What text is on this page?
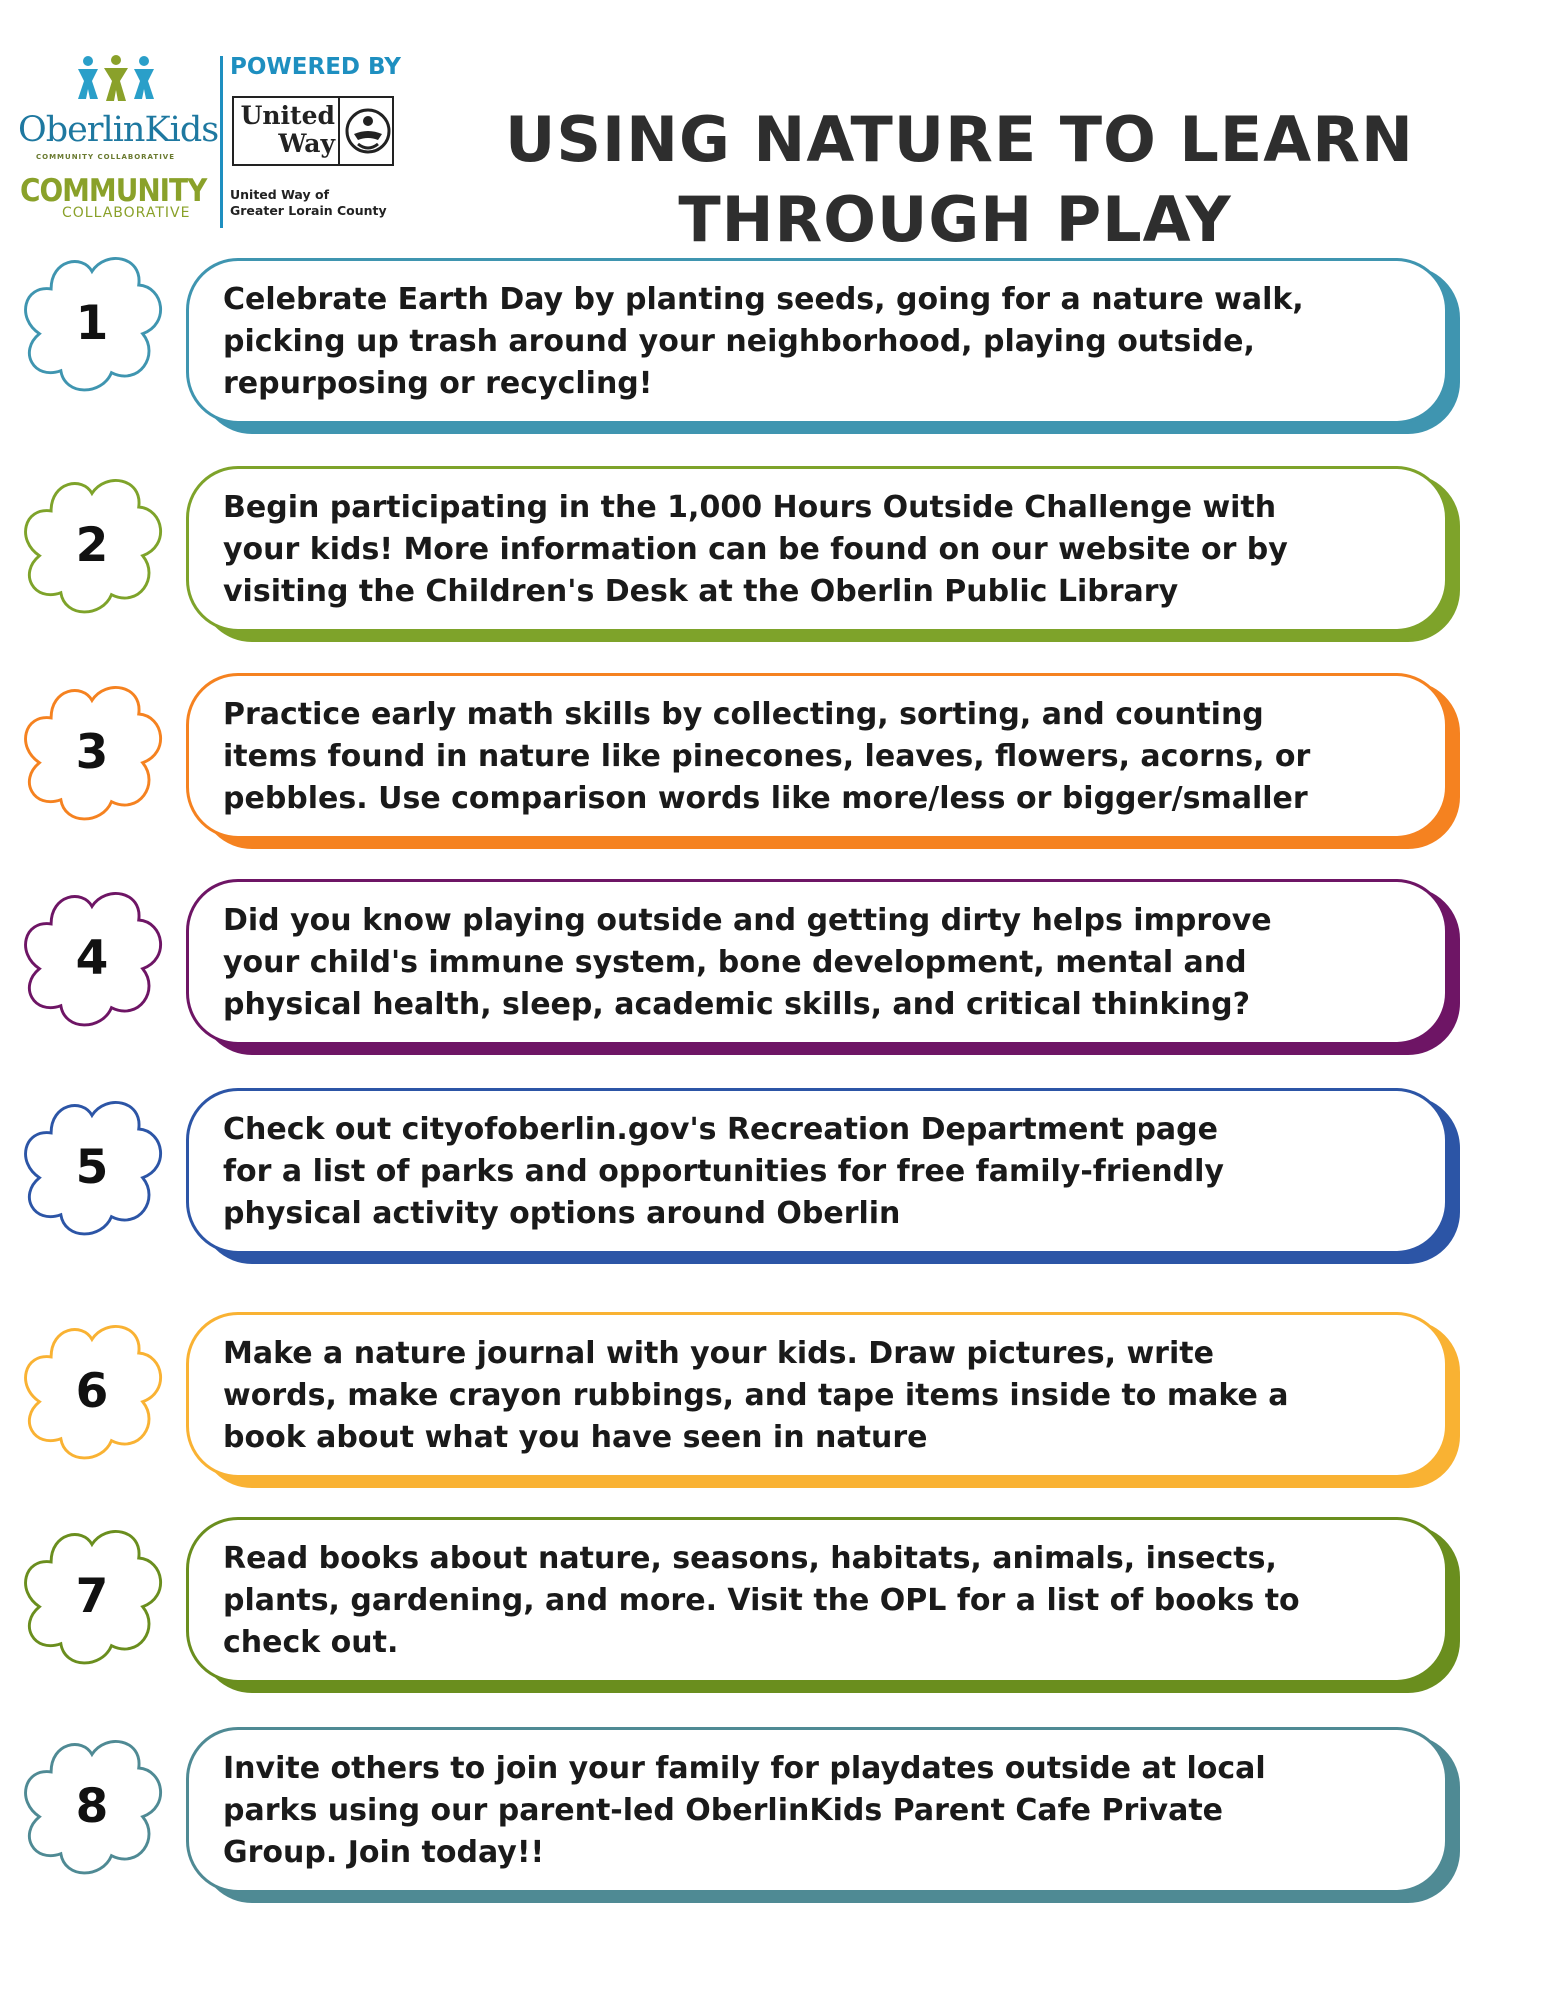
OberlinKids
COMMUNITY COLLABORATIVE
COMMUNITY
COLLABORATIVE
POWERED BY
United
Way
United Way of
Greater Lorain County
USING NATURE TO LEARN
THROUGH PLAY
1	Celebrate Earth Day by planting seeds, going for a nature walk,
picking up trash around your neighborhood, playing outside,
repurposing or recycling!
2
Begin participating in the 1,000 Hours Outside Challenge with
your kids! More information can be found on our website or by
visiting the Children's Desk at the Oberlin Public Library
3
Practice early math skills by collecting, sorting, and counting
items found in nature like pinecones, leaves, flowers, acorns, or
pebbles. Use comparison words like more/less or bigger/smaller
4
Did you know playing outside and getting dirty helps improve
your child's immune system, bone development, mental and
physical health, sleep, academic skills, and critical thinking?
5
Check out cityofoberlin.gov's Recreation Department page
for a list of parks and opportunities for free family-friendly
physical activity options around Oberlin
6
Make a nature journal with your kids. Draw pictures, write
words, make crayon rubbings, and tape items inside to make a
book about what you have seen in nature
7
Read books about nature, seasons, habitats, animals, insects,
plants, gardening, and more. Visit the OPL for a list of books to
check out.
8
Invite others to join your family for playdates outside at local
parks using our parent-led OberlinKids Parent Cafe Private
Group. Join today!!
